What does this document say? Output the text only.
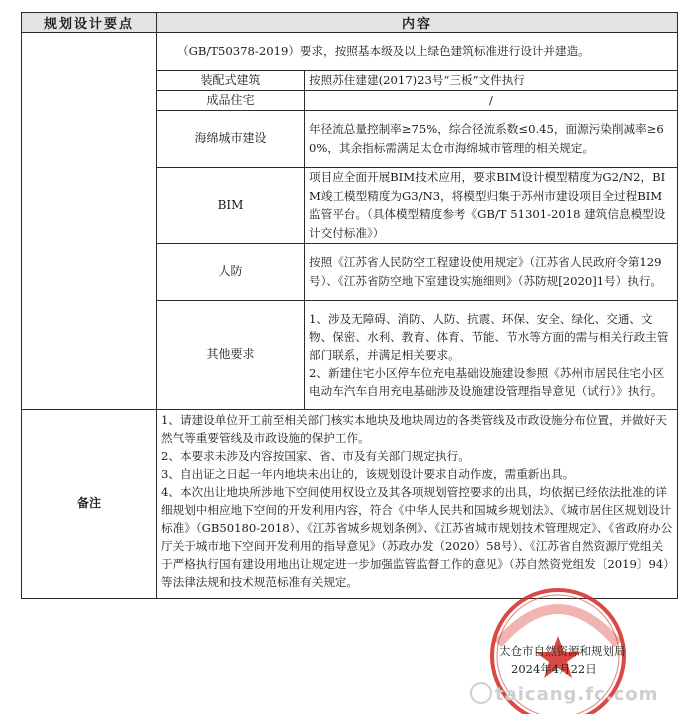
规划设计要点	内容	
	（GB/T50378-2019）要求，按照基本级及以上绿色建筑标准进行设计并建造。	
	装配式建筑	按照苏住建建(2017)23号“三板”文件执行
	成品住宅	/
	海绵城市建设	年径流总量控制率≥75%，综合径流系数≤0.45，面源污染削减率≥60%，其余指标需满足太仓市海绵城市管理的相关规定。
	BIM	项目应全面开展BIM技术应用，要求BIM设计模型精度为G2/N2，BIM竣工模型精度为G3/N3，将模型归集于苏州市建设项目全过程BIM监管平台。（具体模型精度参考《GB/T 51301-2018 建筑信息模型设计交付标准》）
	人防	按照《江苏省人民防空工程建设使用规定》（江苏省人民政府令第129号）、《江苏省防空地下室建设实施细则》（苏防规[2020]1号）执行。
	其他要求	1、涉及无障碍、消防、人防、抗震、环保、安全、绿化、交通、文物、保密、水利、教育、体育、节能、节水等方面的需与相关行政主管部门联系，并满足相关要求。

2、新建住宅小区停车位充电基础设施建设参照《苏州市居民住宅小区电动车汽车自用充电基础涉及设施建设管理指导意见（试行）》执行。

备注	1、请建设单位开工前至相关部门核实本地块及地块周边的各类管线及市政设施分布位置，并做好天然气等重要管线及市政设施的保护工作。

2、本要求未涉及内容按国家、省、市及有关部门规定执行。

3、自出证之日起一年内地块未出让的，该规划设计要求自动作废，需重新出具。

4、本次出让地块所涉地下空间使用权设立及其各项规划管控要求的出具，均依据已经依法批准的详细规划中相应地下空间的开发利用内容，符合《中华人民共和国城乡规划法》、《城市居住区规划设计标准》（GB50180-2018）、《江苏省城乡规划条例》、《江苏省城市规划技术管理规定》、《省政府办公厅关于城市地下空间开发利用的指导意见》（苏政办发（2020）58号）、《江苏省自然资源厅党组关于严格执行国有建设用地出让规定进一步加强监管监督工作的意见》（苏自然资党组发〔2019〕94）等法律法规和技术规范标准有关规定。	

太仓市自然资源和规划局
2024年4月22日
taicang.fc.com
